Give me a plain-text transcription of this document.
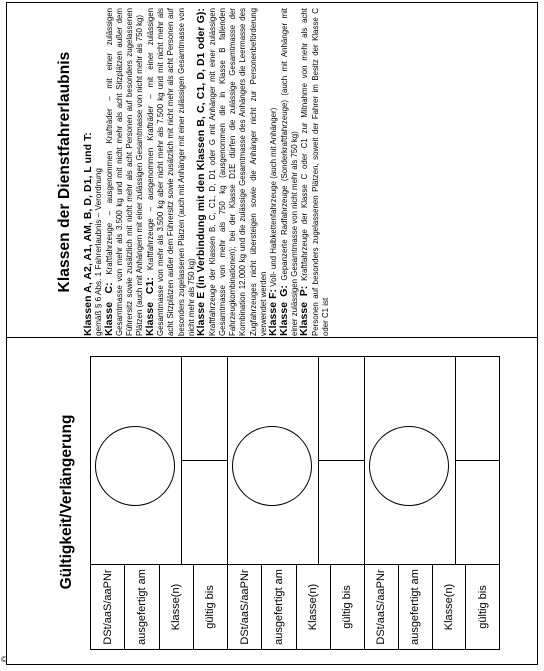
©
Klassen der Dienstfahrerlaubnis Klassen A, A2, A1, AM, B, D, D1, L und T:
gemäß § 6 Abs. 1 Fahrerlaubnis – Verordnung
Klasse C: Kraftfahrzeuge – ausgenommen Krafträder – mit einer zulässigen Gesamtmasse von mehr als 3.500 kg und mit nicht mehr als acht Sitzplätzen außer dem Führersitz sowie zusätzlich mit nicht mehr als acht Personen auf besonders zugelassenen Plätzen (auch mit Anhängern mit einer zulässigen Gesamtmasse von nicht mehr als 750 kg)
Klasse C1: Kraftfahrzeuge – ausgenommen Krafträder – mit einer zulässigen Gesamtmasse von mehr als 3.500 kg aber nicht mehr als 7.500 kg und mit nicht mehr als acht Sitzplätzen außer dem Führersitz sowie zusätzlich mit nicht mehr als acht Personen auf besonders zugelassenen Plätzen (auch mit Anhänger mit einer zulässigen Gesamtmasse von nicht mehr als 750 kg)
Klasse E (in Verbindung mit den Klassen B, C, C1, D, D1 oder G): Kraftfahrzeuge der Klassen B, C, C1, D, D1 oder G mit Anhänger mit einer zulässigen Gesamtmasse von mehr als 750 kg (ausgenommen die in Klasse B fallenden Fahrzeugkombinationen); bei der Klasse D1E dürfen die zulässige Gesamtmasse der Kombination 12.000 kg und die zulässige Gesamtmasse des Anhängers die Leermasse des Zugfahrzeuges nicht übersteigen sowie die Anhänger nicht zur Personenbeförderung verwendet werden
Klasse F: Voll- und Halbkettenfahrzeuge (auch mit Anhänger)
Klasse G: Gepanzerte Radfahrzeuge (Sonderkraftfahrzeuge) (auch mit Anhänger mit einer zulässigen Gesamtmasse von nicht mehr als 750 kg)
Klasse P: Kraftfahrzeuge der Klasse C oder C1 zur Mitnahme von mehr als acht Personen auf besonders zugelassenen Plätzen, soweit der Fahrer im Besitz der Klasse C oder C1 ist

Gültigkeit/Verlängerung
DSt/aaS/aaPNr	ausgefertigt am	Klasse(n)	gültig bis	DSt/aaS/aaPNr	ausgefertigt am	Klasse(n)	gültig bis	DSt/aaS/aaPNr	ausgefertigt am	Klasse(n)	gültig bis
